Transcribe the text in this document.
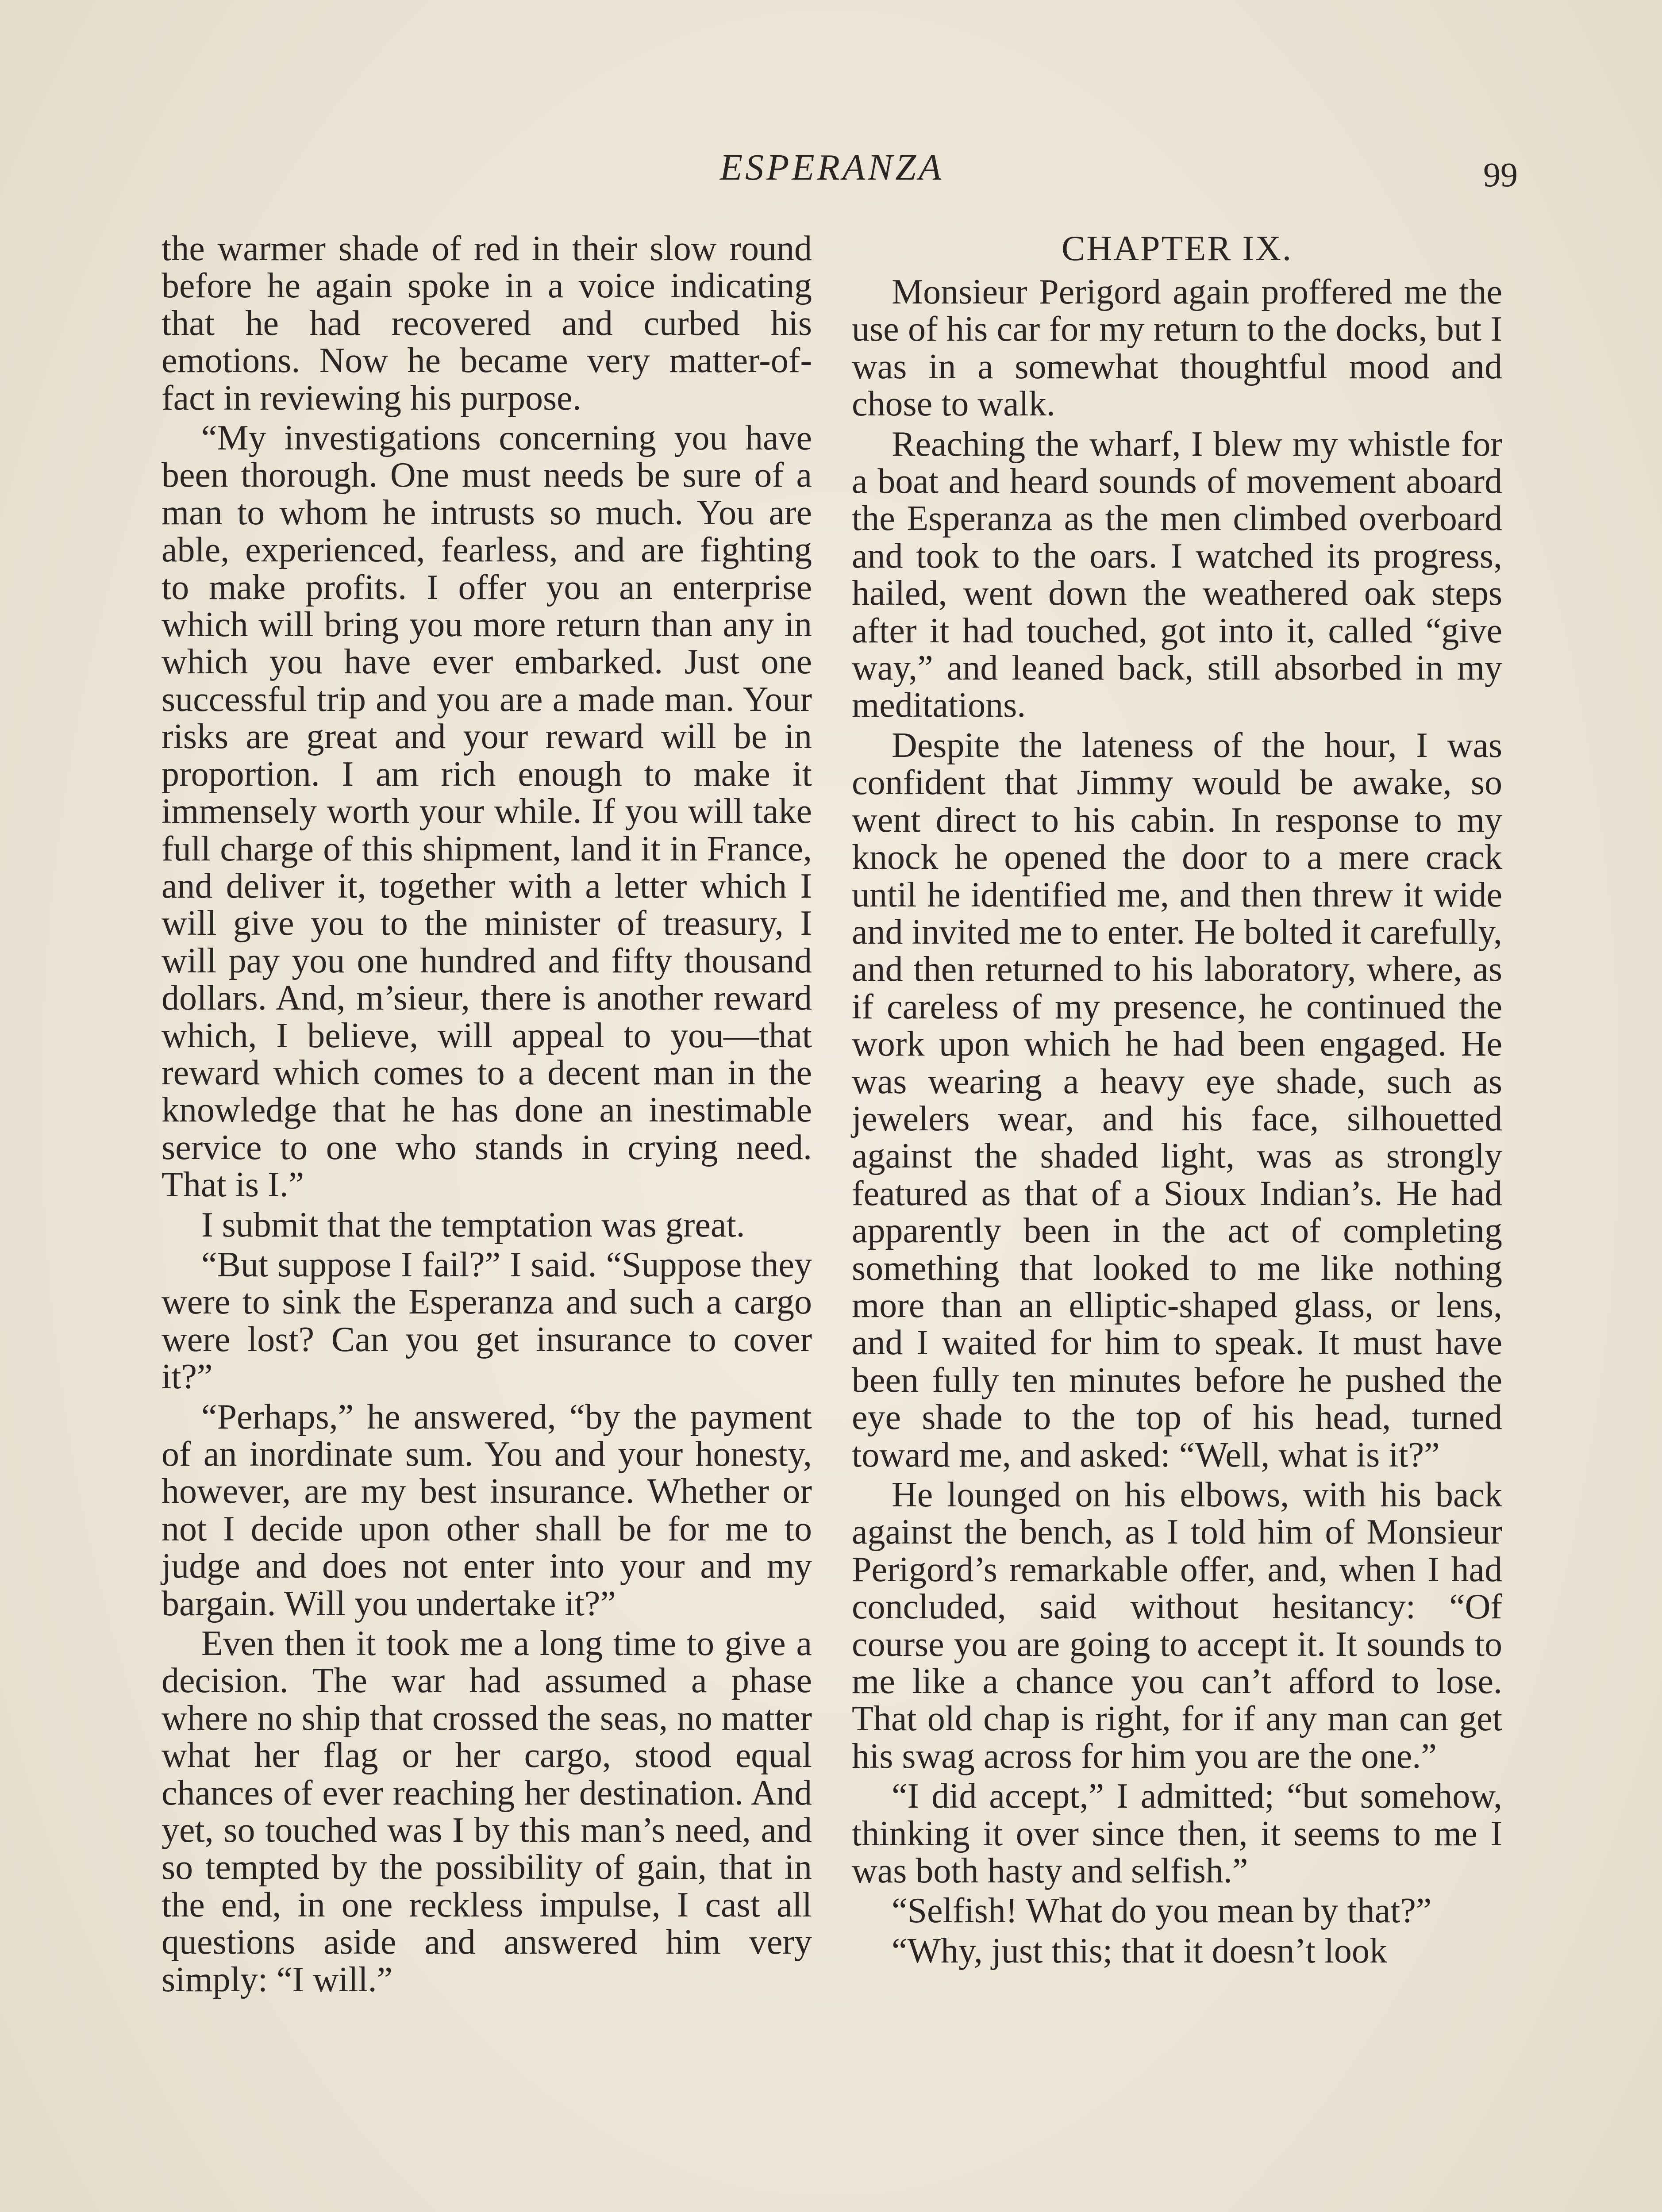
ESPERANZA	99

the warmer shade of red in their slow round before he again spoke in a voice indicating that he had recovered and curbed his emotions. Now he became very matter-of-fact in reviewing his purpose.

“My investigations concerning you have been thorough. One must needs be sure of a man to whom he intrusts so much. You are able, experienced, fearless, and are fighting to make profits. I offer you an enterprise which will bring you more return than any in which you have ever embarked. Just one successful trip and you are a made man. Your risks are great and your reward will be in proportion. I am rich enough to make it immensely worth your while. If you will take full charge of this shipment, land it in France, and deliver it, together with a letter which I will give you to the minister of treasury, I will pay you one hundred and fifty thousand dollars. And, m’sieur, there is another reward which, I believe, will appeal to you—that reward which comes to a decent man in the knowledge that he has done an inestimable service to one who stands in crying need. That is I.”

I submit that the temptation was great.

“But suppose I fail?” I said. “Suppose they were to sink the Esperanza and such a cargo were lost? Can you get insurance to cover it?”

“Perhaps,” he answered, “by the payment of an inordinate sum. You and your honesty, however, are my best insurance. Whether or not I decide upon other shall be for me to judge and does not enter into your and my bargain. Will you undertake it?”

Even then it took me a long time to give a decision. The war had assumed a phase where no ship that crossed the seas, no matter what her flag or her cargo, stood equal chances of ever reaching her destination. And yet, so touched was I by this man’s need, and so tempted by the possibility of gain, that in the end, in one reckless impulse, I cast all questions aside and answered him very simply: “I will.”

CHAPTER IX.

Monsieur Perigord again proffered me the use of his car for my return to the docks, but I was in a somewhat thoughtful mood and chose to walk.

Reaching the wharf, I blew my whistle for a boat and heard sounds of movement aboard the Esperanza as the men climbed overboard and took to the oars. I watched its progress, hailed, went down the weathered oak steps after it had touched, got into it, called “give way,” and leaned back, still absorbed in my meditations.

Despite the lateness of the hour, I was confident that Jimmy would be awake, so went direct to his cabin. In response to my knock he opened the door to a mere crack until he identified me, and then threw it wide and invited me to enter. He bolted it carefully, and then returned to his laboratory, where, as if careless of my presence, he continued the work upon which he had been engaged. He was wearing a heavy eye shade, such as jewelers wear, and his face, silhouetted against the shaded light, was as strongly featured as that of a Sioux Indian’s. He had apparently been in the act of completing something that looked to me like nothing more than an elliptic-shaped glass, or lens, and I waited for him to speak. It must have been fully ten minutes before he pushed the eye shade to the top of his head, turned toward me, and asked: “Well, what is it?”

He lounged on his elbows, with his back against the bench, as I told him of Monsieur Perigord’s remarkable offer, and, when I had concluded, said without hesitancy: “Of course you are going to accept it. It sounds to me like a chance you can’t afford to lose. That old chap is right, for if any man can get his swag across for him you are the one.”

“I did accept,” I admitted; “but somehow, thinking it over since then, it seems to me I was both hasty and selfish.”

“Selfish! What do you mean by that?”

“Why, just this; that it doesn’t look
